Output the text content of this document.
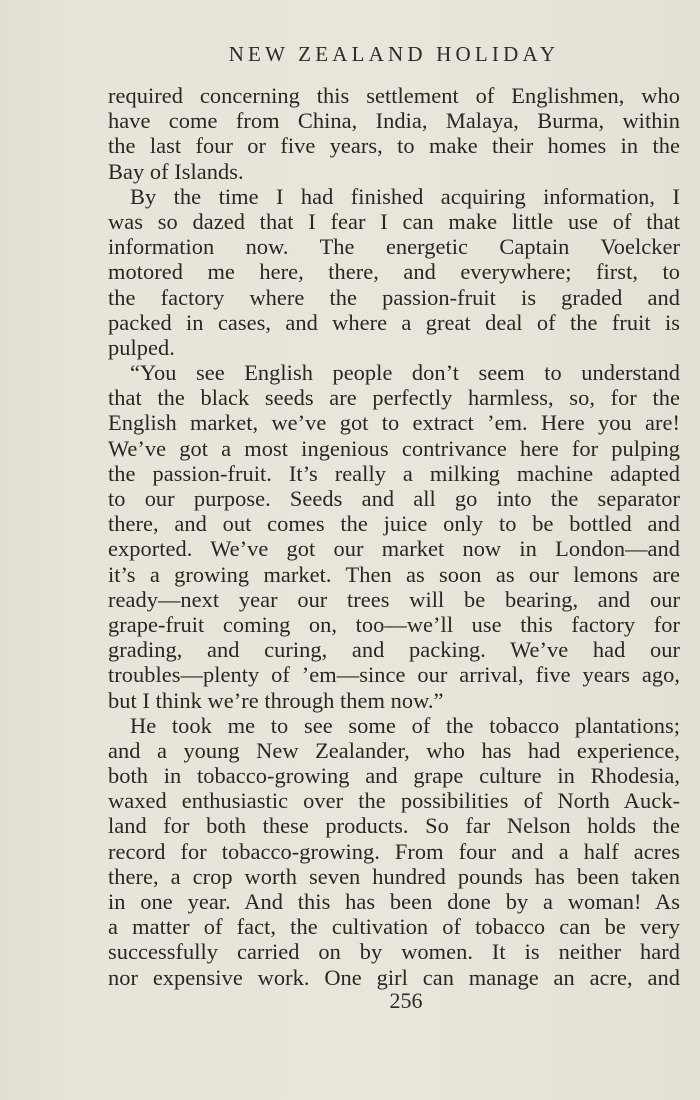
NEW ZEALAND HOLIDAY
required concerning this settlement of Englishmen, who
have come from China, India, Malaya, Burma, within
the last four or five years, to make their homes in the
Bay of Islands.
By the time I had finished acquiring information, I
was so dazed that I fear I can make little use of that
information now. The energetic Captain Voelcker
motored me here, there, and everywhere; first, to
the factory where the passion-fruit is graded and
packed in cases, and where a great deal of the fruit is
pulped.
“You see English people don’t seem to understand
that the black seeds are perfectly harmless, so, for the
English market, we’ve got to extract ’em. Here you are!
We’ve got a most ingenious contrivance here for pulping
the passion-fruit. It’s really a milking machine adapted
to our purpose. Seeds and all go into the separator
there, and out comes the juice only to be bottled and
exported. We’ve got our market now in London—and
it’s a growing market. Then as soon as our lemons are
ready—next year our trees will be bearing, and our
grape-fruit coming on, too—we’ll use this factory for
grading, and curing, and packing. We’ve had our
troubles—plenty of ’em—since our arrival, five years ago,
but I think we’re through them now.”
He took me to see some of the tobacco plantations;
and a young New Zealander, who has had experience,
both in tobacco-growing and grape culture in Rhodesia,
waxed enthusiastic over the possibilities of North Auck-
land for both these products. So far Nelson holds the
record for tobacco-growing. From four and a half acres
there, a crop worth seven hundred pounds has been taken
in one year. And this has been done by a woman! As
a matter of fact, the cultivation of tobacco can be very
successfully carried on by women. It is neither hard
nor expensive work. One girl can manage an acre, and
256
